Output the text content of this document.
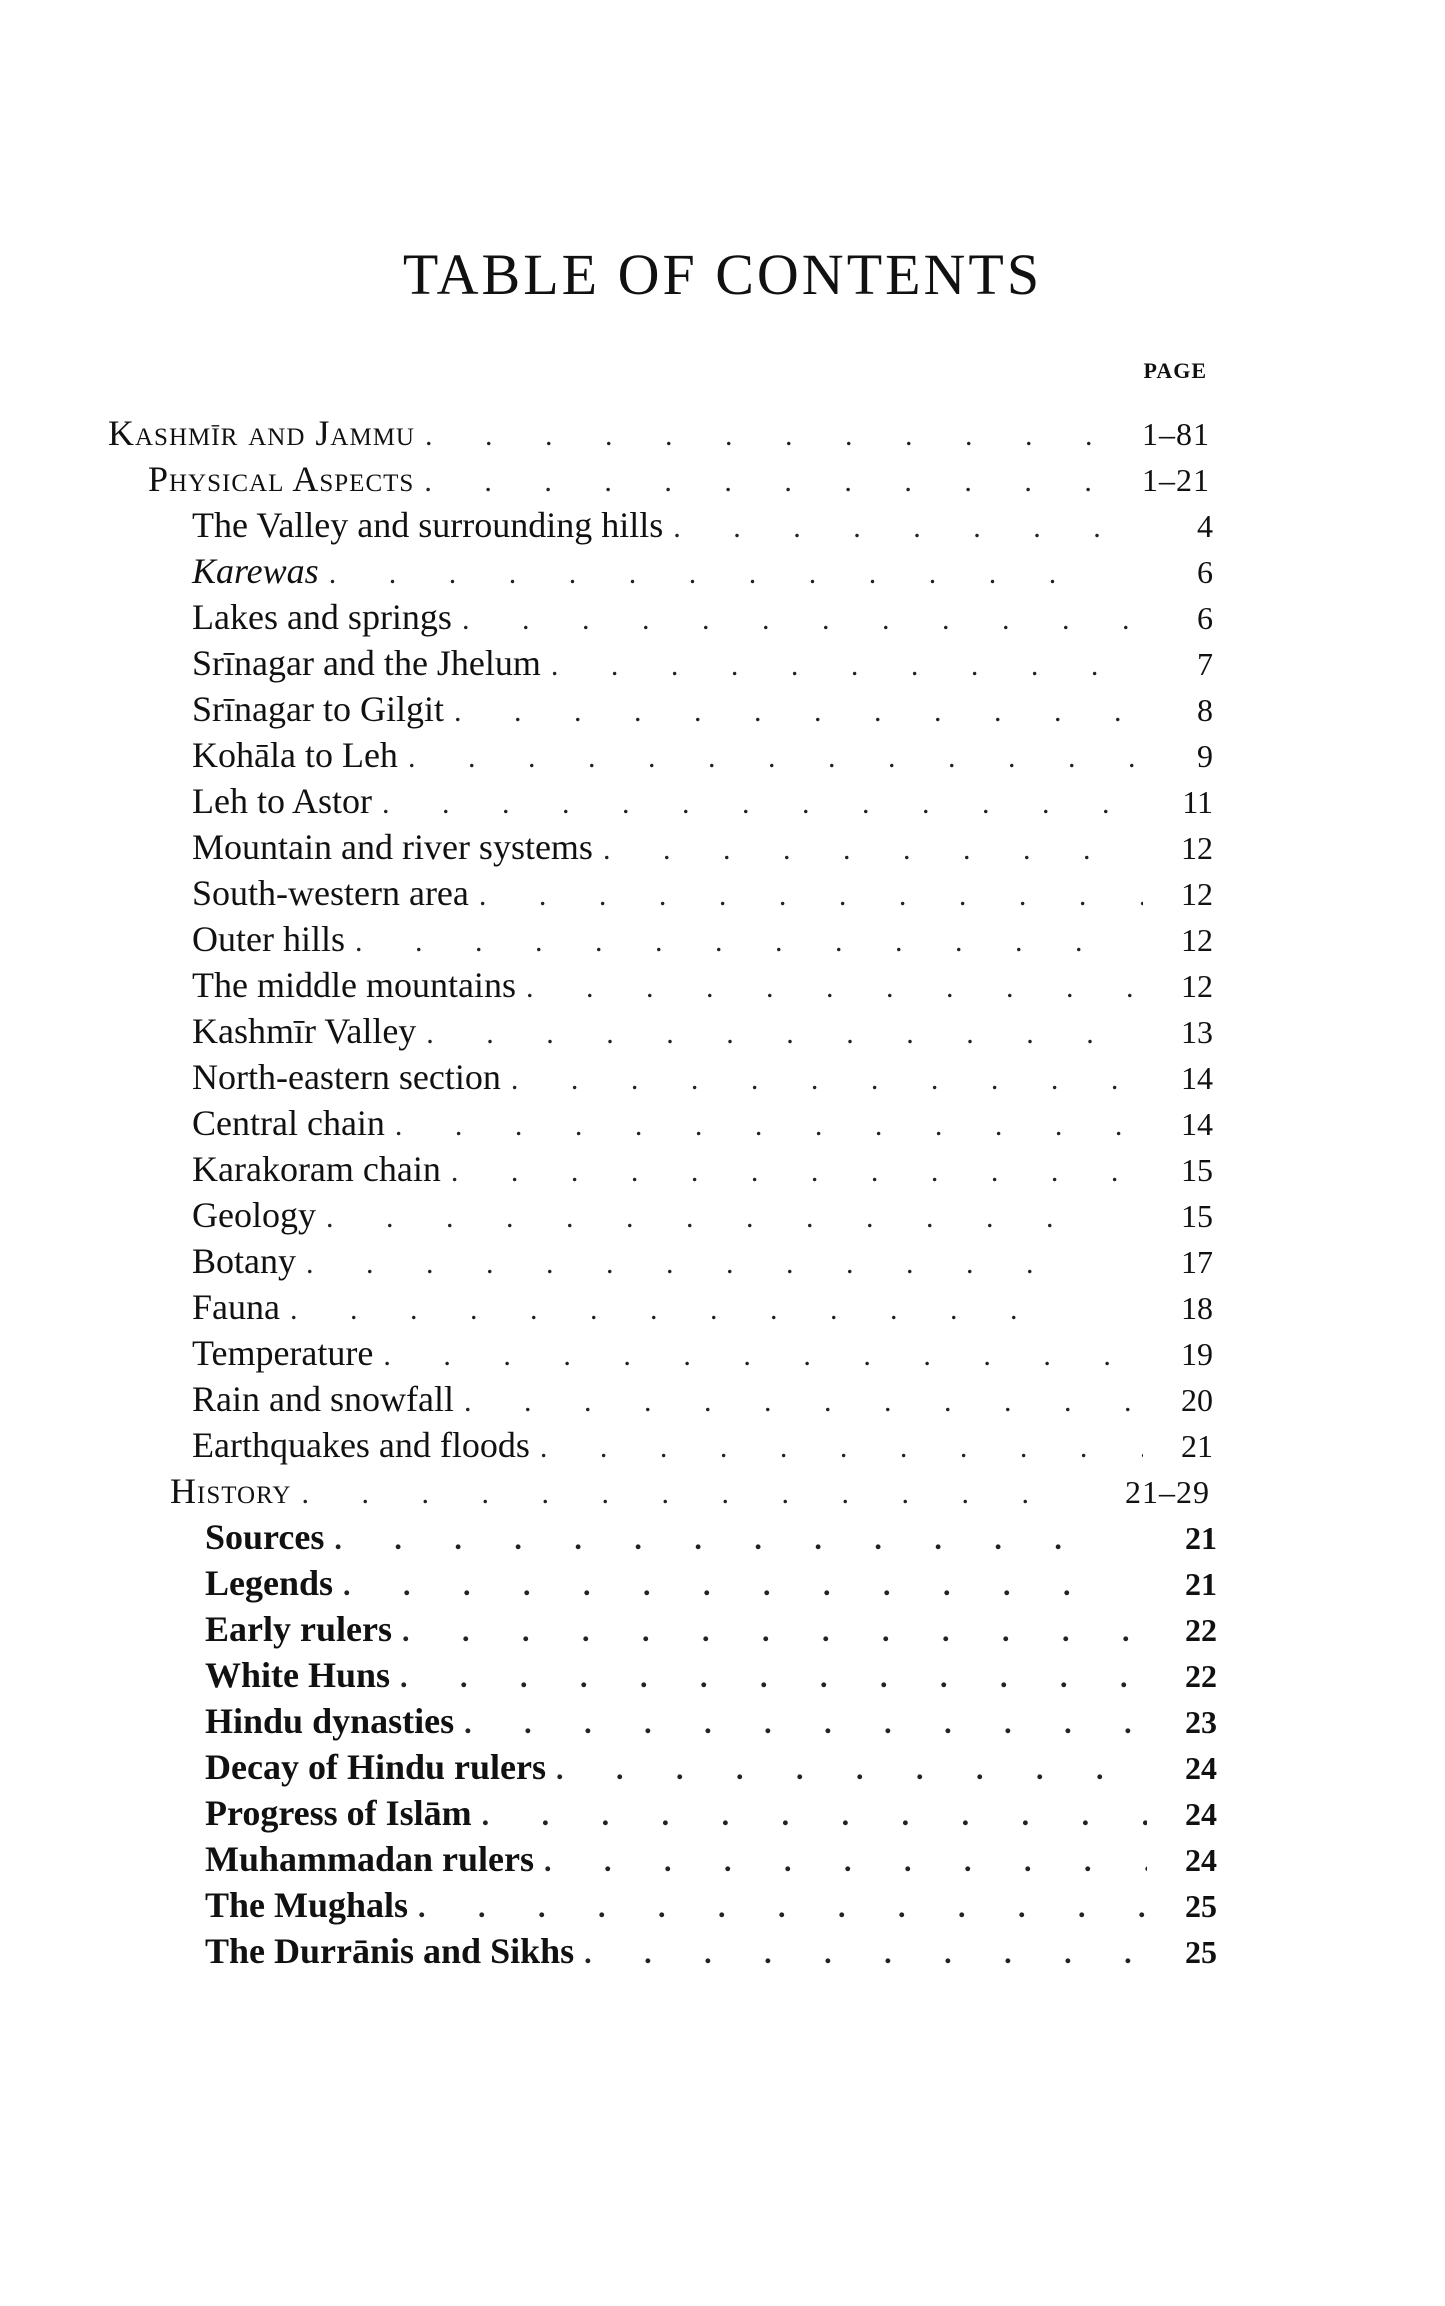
TABLE OF CONTENTS
PAGE
Kashmīr and Jammu .	1–81
Physical Aspects .	1–21
The Valley and surrounding hills .	4
Karewas .	6
Lakes and springs .	6
Srīnagar and the Jhelum .	7
Srīnagar to Gilgit .	8
Kohāla to Leh .	9
Leh to Astor .	11
Mountain and river systems .	12
South-western area .	12
Outer hills .	12
The middle mountains .	12
Kashmīr Valley .	13
North-eastern section .	14
Central chain .	14
Karakoram chain .	15
Geology .	15
Botany .	17
Fauna .	18
Temperature .	19
Rain and snowfall .	20
Earthquakes and floods .	21
History .	21–29
Sources .	21
Legends .	21
Early rulers .	22
White Huns .	22
Hindu dynasties .	23
Decay of Hindu rulers .	24
Progress of Islām .	24
Muhammadan rulers .	24
The Mughals .	25
The Durrānis and Sikhs .	25
